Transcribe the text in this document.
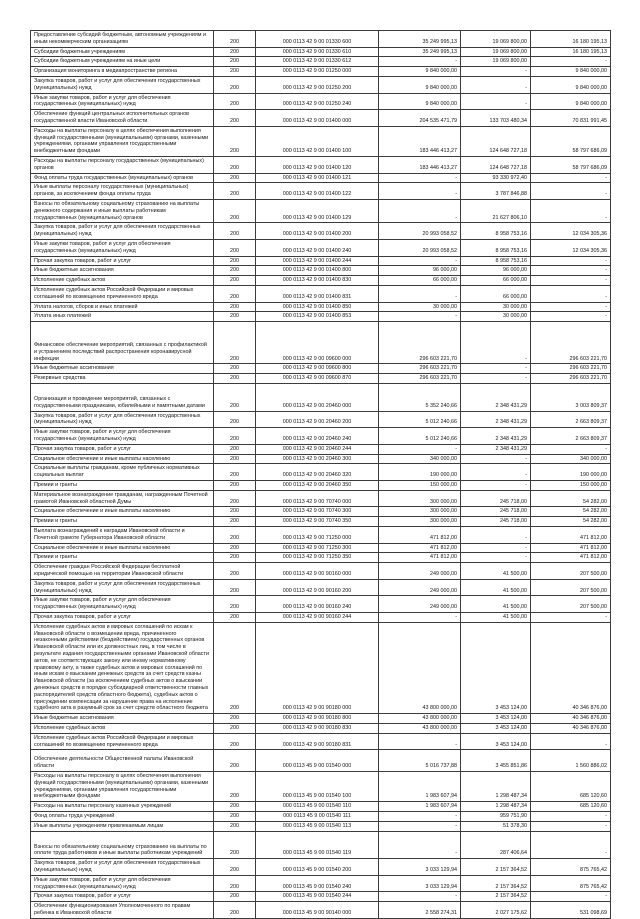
Предоставление субсидий бюджетным, автономным учреждениям и иным некоммерческим организациям	200	000 0113 42 9 00 01330 600	35 249 995,13	19 069 800,00	16 180 195,13
Субсидии бюджетным учреждениям	200	000 0113 42 9 00 01330 610	35 249 995,13	19 069 800,00	16 180 195,13
Субсидии бюджетным учреждениям на иные цели	200	000 0113 42 9 00 01330 612	-	19 069 800,00	-
Организация мониторинга в медиапространстве региона	200	000 0113 42 9 00 01250 000	9 840 000,00	-	9 840 000,00
Закупка товаров, работ и услуг для обеспечения государственных (муниципальных) нужд	200	000 0113 42 9 00 01250 200	9 840 000,00	-	9 840 000,00
Иные закупки товаров, работ и услуг для обеспечения государственных (муниципальных) нужд	200	000 0113 42 9 00 01250 240	9 840 000,00	-	9 840 000,00
Обеспечение функций центральных исполнительных органов государственной власти Ивановской области	200	000 0113 42 9 00 01400 000	204 535 471,79	133 703 480,34	70 831 991,45
Расходы на выплаты персоналу в целях обеспечения выполнения функций государственными (муниципальными) органами, казенными учреждениями, органами управления государственными внебюджетными фондами	200	000 0113 42 9 00 01400 100	183 446 413,27	124 648 727,18	58 797 686,09
Расходы на выплаты персоналу государственных (муниципальных) органов	200	000 0113 42 9 00 01400 120	183 446 413,27	124 648 727,18	58 797 686,09
Фонд оплаты труда государственных (муниципальных) органов	200	000 0113 42 9 00 01400 121	-	93 330 972,40	-
Иные выплаты персоналу государственных (муниципальных) органов, за исключением фонда оплаты труда	200	000 0113 42 9 00 01400 122	-	3 787 846,88	-
Взносы по обязательному социальному страхованию на выплаты денежного содержания и иные выплаты работникам государственных (муниципальных) органов	200	000 0113 42 9 00 01400 129	-	21 627 806,10	-
Закупка товаров, работ и услуг для обеспечения государственных (муниципальных) нужд	200	000 0113 42 9 00 01400 200	20 993 058,52	8 958 753,16	12 034 305,36
Иные закупки товаров, работ и услуг для обеспечения государственных (муниципальных) нужд	200	000 0113 42 9 00 01400 240	20 993 058,52	8 958 753,16	12 034 305,36
Прочая закупка товаров, работ и услуг	200	000 0113 42 9 00 01400 244	-	8 958 753,16	-
Иные бюджетные ассигнования	200	000 0113 42 9 00 01400 800	96 000,00	96 000,00	-
Исполнение судебных актов	200	000 0113 42 9 00 01400 830	66 000,00	66 000,00	-
Исполнение судебных актов Российской Федерации и мировых соглашений по возмещению причиненного вреда	200	000 0113 42 9 00 01400 831	-	66 000,00	-
Уплата налогов, сборов и иных платежей	200	000 0113 42 9 00 01400 850	30 000,00	30 000,00	-
Уплата иных платежей	200	000 0113 42 9 00 01400 853	-	30 000,00	-
Финансовое обеспечение мероприятий, связанных с профилактикой и устранением последствий распространения коронавирусной инфекции	200	000 0113 42 9 00 09600 000	296 603 221,70	-	296 603 221,70
Иные бюджетные ассигнования	200	000 0113 42 9 00 09600 800	296 603 221,70	-	296 603 221,70
Резервные средства	200	000 0113 42 9 00 09600 870	296 603 221,70	-	296 603 221,70
Организация и проведение мероприятий, связанных с государственными праздниками, юбилейными и памятными датами	200	000 0113 42 9 00 20460 000	5 352 240,66	2 348 431,29	3 003 809,37
Закупка товаров, работ и услуг для обеспечения государственных (муниципальных) нужд	200	000 0113 42 9 00 20460 200	5 012 240,66	2 348 431,29	2 663 809,37
Иные закупки товаров, работ и услуг для обеспечения государственных (муниципальных) нужд	200	000 0113 42 9 00 20460 240	5 012 240,66	2 348 431,29	2 663 809,37
Прочая закупка товаров, работ и услуг	200	000 0113 42 9 00 20460 244	-	2 348 431,29	-
Социальное обеспечение и иные выплаты населению	200	000 0113 42 9 00 20460 300	340 000,00	-	340 000,00
Социальные выплаты гражданам, кроме публичных нормативных социальных выплат	200	000 0113 42 9 00 20460 320	190 000,00	-	190 000,00
Премии и гранты	200	000 0113 42 9 00 20460 350	150 000,00	-	150 000,00
Материальное вознаграждение гражданам, награжденным Почетной грамотой Ивановской областной Думы	200	000 0113 42 9 00 70740 000	300 000,00	245 718,00	54 282,00
Социальное обеспечение и иные выплаты населению	200	000 0113 42 9 00 70740 300	300 000,00	245 718,00	54 282,00
Премии и гранты	200	000 0113 42 9 00 70740 350	300 000,00	245 718,00	54 282,00
Выплата вознаграждений к наградам Ивановской области и Почетной грамоте Губернатора Ивановской области	200	000 0113 42 9 00 71250 000	471 812,00	-	471 812,00
Социальное обеспечение и иные выплаты населению	200	000 0113 42 9 00 71250 300	471 812,00	-	471 812,00
Премии и гранты	200	000 0113 42 9 00 71250 350	471 812,00	-	471 812,00
Обеспечение граждан Российской Федерации бесплатной юридической помощью на территории Ивановской области	200	000 0113 42 9 00 90160 000	249 000,00	41 500,00	207 500,00
Закупка товаров, работ и услуг для обеспечения государственных (муниципальных) нужд	200	000 0113 42 9 00 90160 200	249 000,00	41 500,00	207 500,00
Иные закупки товаров, работ и услуг для обеспечения государственных (муниципальных) нужд	200	000 0113 42 9 00 90160 240	249 000,00	41 500,00	207 500,00
Прочая закупка товаров, работ и услуг	200	000 0113 42 9 00 90160 244	-	41 500,00	-
Исполнение судебных актов и мировых соглашений по искам к Ивановской области о возмещении вреда, причиненного незаконными действиями (бездействием) государственных органов Ивановской области или их должностных лиц, в том числе в результате издания государственными органами Ивановской области актов, не соответствующих закону или иному нормативному правовому акту, а также судебных актов и мировых соглашений по иным искам о взыскании денежных средств за счет средств казны Ивановской области (за исключением судебных актов о взыскании денежных средств в порядке субсидиарной ответственности главных распорядителей средств областного бюджета), судебных актов о присуждении компенсации за нарушение права на исполнение судебного акта в разумный срок за счет средств областного бюджета	200	000 0113 42 9 00 90180 000	43 800 000,00	3 453 124,00	40 346 876,00
Иные бюджетные ассигнования	200	000 0113 42 9 00 90180 800	43 800 000,00	3 453 124,00	40 346 876,00
Исполнение судебных актов	200	000 0113 42 9 00 90180 830	43 800 000,00	3 453 124,00	40 346 876,00
Исполнение судебных актов Российской Федерации и мировых соглашений по возмещению причиненного вреда	200	000 0113 42 9 00 90180 831	-	3 453 124,00	-
Обеспечение деятельности Общественной палаты Ивановской области	200	000 0113 45 9 00 01540 000	5 016 737,88	3 455 851,86	1 560 886,02
Расходы на выплаты персоналу в целях обеспечения выполнения функций государственными (муниципальными) органами, казенными учреждениями, органами управления государственными внебюджетными фондами	200	000 0113 45 9 00 01540 100	1 983 607,94	1 298 487,34	685 120,60
Расходы на выплаты персоналу казенных учреждений	200	000 0113 45 9 00 01540 110	1 983 607,94	1 298 487,34	685 120,60
Фонд оплаты труда учреждений	200	000 0113 45 9 00 01540 111	-	959 751,90	-
Иные выплаты учреждениям привлекаемым лицам	200	000 0113 45 9 00 01540 113	-	51 378,30	-
Взносы по обязательному социальному страхованию на выплаты по оплате труда работников и иные выплаты работникам учреждений	200	000 0113 45 9 00 01540 119	-	287 406,64	-
Закупка товаров, работ и услуг для обеспечения государственных (муниципальных) нужд	200	000 0113 45 9 00 01540 200	3 033 129,94	2 157 364,52	875 765,42
Иные закупки товаров, работ и услуг для обеспечения государственных (муниципальных) нужд	200	000 0113 45 9 00 01540 240	3 033 129,94	2 157 364,52	875 765,42
Прочая закупка товаров, работ и услуг	200	000 0113 45 9 00 01540 244	-	2 157 364,52	-
Обеспечение функционирования Уполномоченного по правам ребенка в Ивановской области	200	000 0113 45 9 00 90140 000	2 558 274,31	2 027 175,62	531 098,69
